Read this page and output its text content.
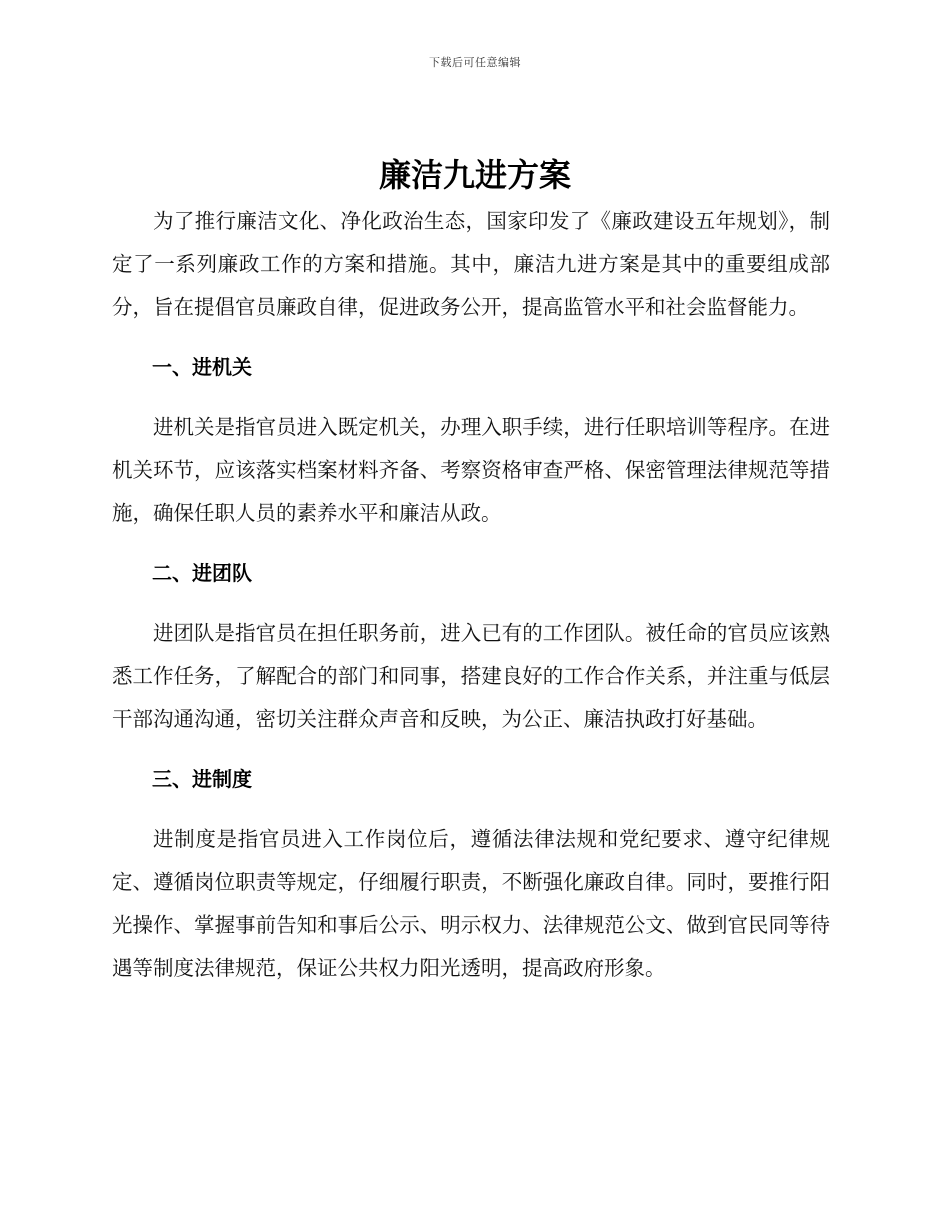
下载后可任意编辑
廉洁九进方案

为了推行廉洁文化、净化政治生态，国家印发了《廉政建设五年规划》，制定了一系列廉政工作的方案和措施。其中，廉洁九进方案是其中的重要组成部分，旨在提倡官员廉政自律，促进政务公开，提高监管水平和社会监督能力。

一、进机关

进机关是指官员进入既定机关，办理入职手续，进行任职培训等程序。在进机关环节，应该落实档案材料齐备、考察资格审查严格、保密管理法律规范等措施，确保任职人员的素养水平和廉洁从政。

二、进团队

进团队是指官员在担任职务前，进入已有的工作团队。被任命的官员应该熟悉工作任务，了解配合的部门和同事，搭建良好的工作合作关系，并注重与低层干部沟通沟通，密切关注群众声音和反映，为公正、廉洁执政打好基础。

三、进制度

进制度是指官员进入工作岗位后，遵循法律法规和党纪要求、遵守纪律规定、遵循岗位职责等规定，仔细履行职责，不断强化廉政自律。同时，要推行阳光操作、掌握事前告知和事后公示、明示权力、法律规范公文、做到官民同等待遇等制度法律规范，保证公共权力阳光透明，提高政府形象。
